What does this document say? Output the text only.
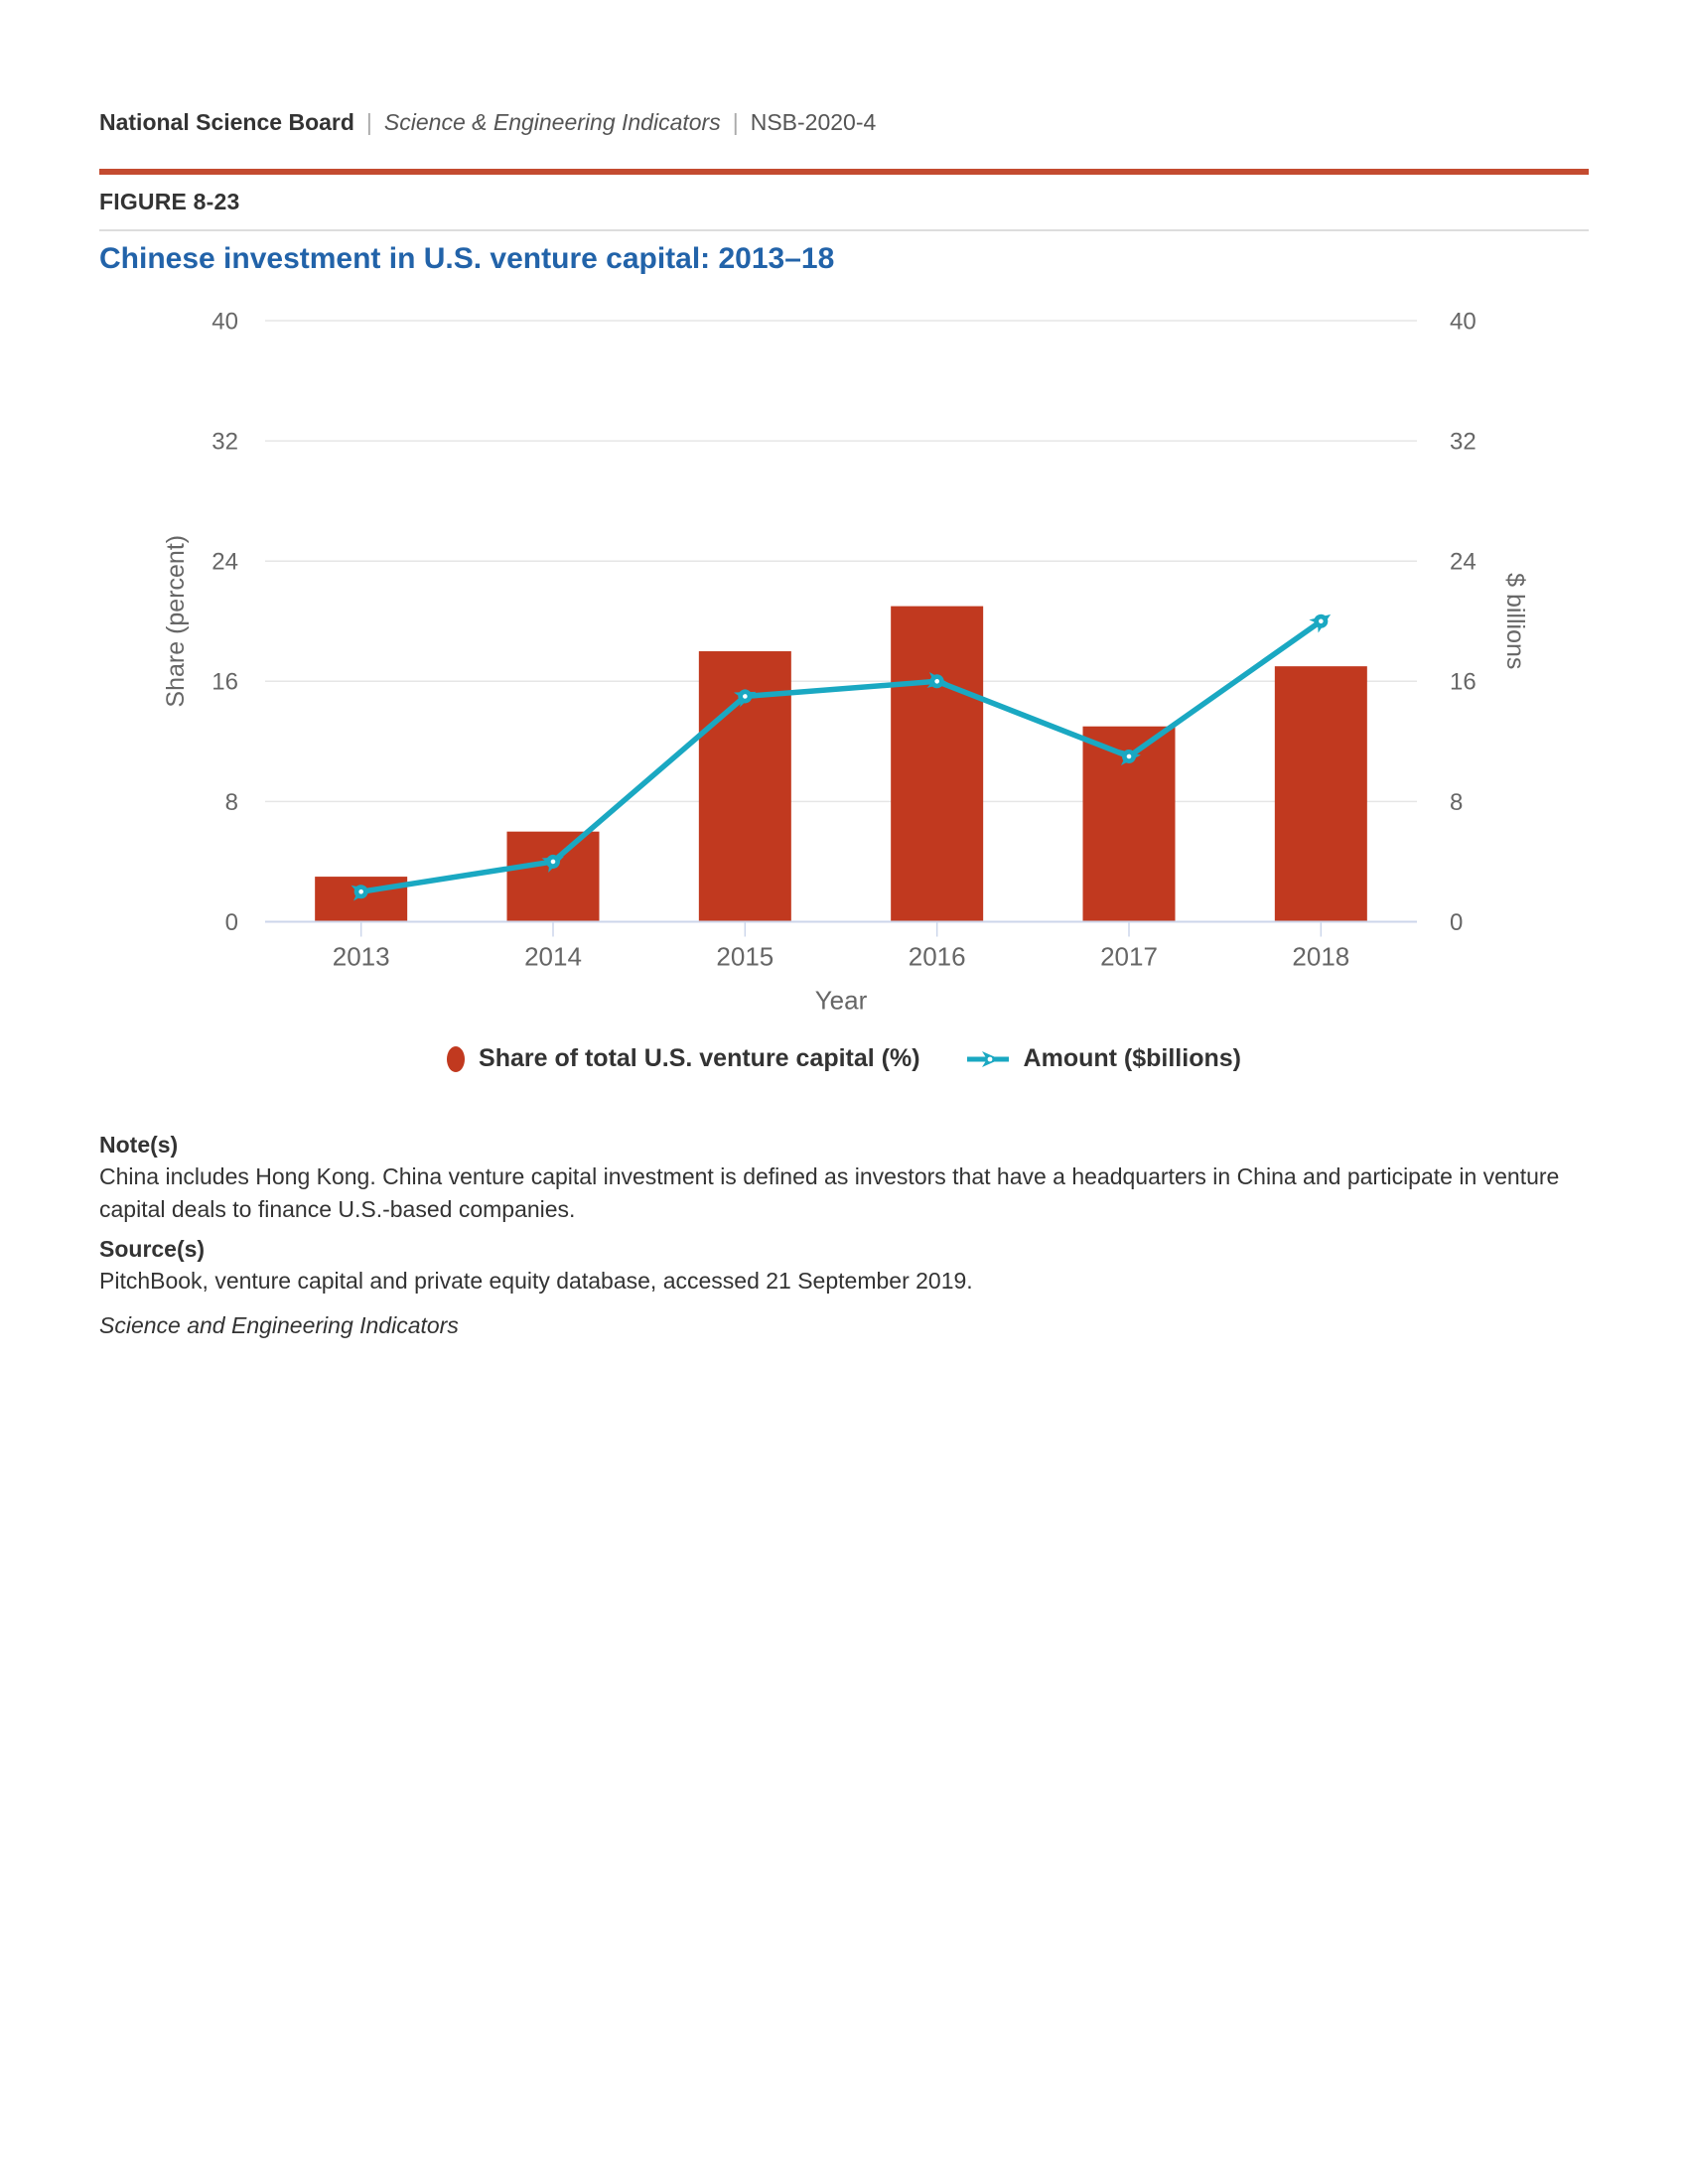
National Science Board | Science & Engineering Indicators | NSB-2020-4
FIGURE 8-23
Chinese investment in U.S. venture capital: 2013–18
0	0
8	8
16	16
24	24
32	32
40	40
2013	2014	2015	2016	2017	2018
Year
Share (percent)	$ billions
Share of total U.S. venture capital (%)	Amount ($billions)
Note(s)
China includes Hong Kong. China venture capital investment is defined as investors that have a headquarters in China and participate in venture capital deals to finance U.S.-based companies.
Source(s)
PitchBook, venture capital and private equity database, accessed 21 September 2019.
Science and Engineering Indicators
